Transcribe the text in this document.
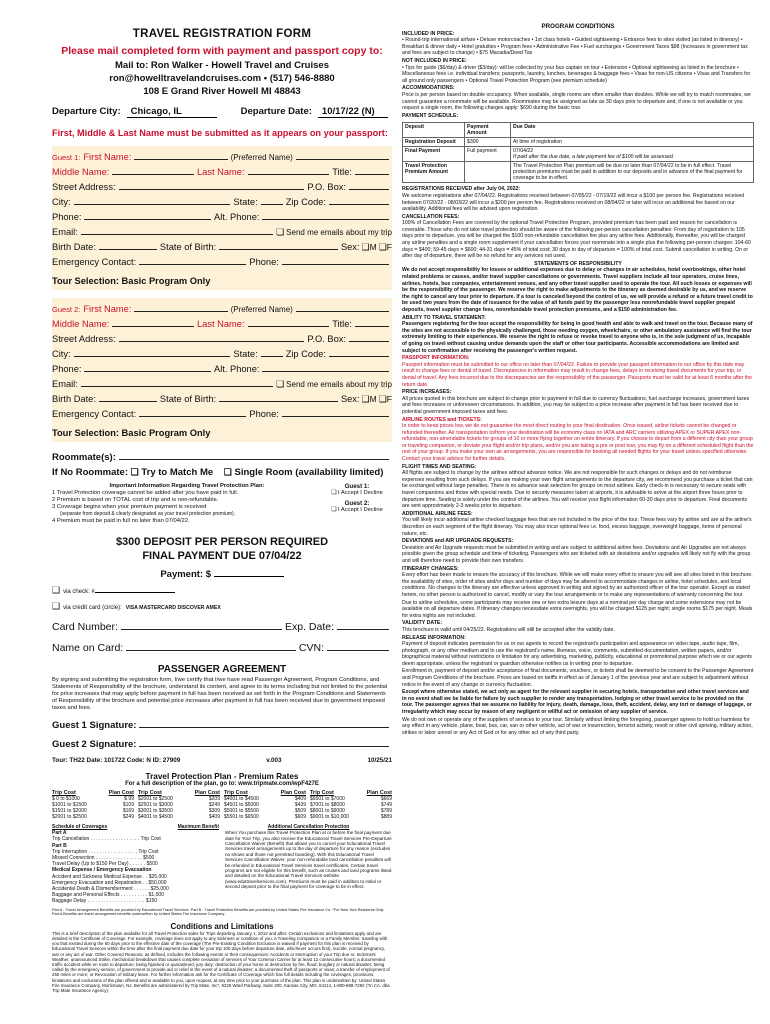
TRAVEL REGISTRATION FORM
Please mail completed form with payment and passport copy to:
Mail to: Ron Walker - Howell Travel and Cruises
ron@howelltravelandcruises.com • (517) 546-8880
108 E Grand River Howell MI 48843
Departure City:	Chicago, IL	Departure Date:	10/17/22 (N)
First, Middle & Last Name must be submitted as it appears on your passport:
Guest 1: First Name:	(Preferred Name)
Middle Name:	Last Name:	Title:
Street Address:	P.O. Box:
City:	State:	Zip Code:
Phone:	Alt. Phone:
Email:	❑ Send me emails about my trip
Birth Date:	State of Birth:	Sex: ❑ M ❑ F
Emergency Contact:	Phone:
Tour Selection: Basic Program Only
Guest 2: First Name:	(Preferred Name)
Middle Name:	Last Name:	Title:
Street Address:	P.O. Box:
City:	State:	Zip Code:
Phone:	Alt. Phone:
Email:	❑ Send me emails about my trip
Birth Date:	State of Birth:	Sex: ❑ M ❑ F
Emergency Contact:	Phone:
Tour Selection: Basic Program Only
Roommate(s):
If No Roommate: ❑ Try to Match Me ❑ Single Room (availability limited)
Important Information Regarding Travel Protection Plan:
1 Travel Protection coverage cannot be added after you have paid in full.
2 Premium is based on TOTAL cost of trip and is non-refundable.
3 Coverage begins when your premium payment is received
(separate from deposit & clearly designated as your travel protection premium).
4 Premium must be paid in full no later than 07/04/22.
Guest 1:
❑ I Accept I Decline
Guest 2:
❑ I Accept I Decline
$300 DEPOSIT PER PERSON REQUIRED
FINAL PAYMENT DUE 07/04/22
Payment: $
❑ via check: #
❑ via credit card (circle): VISA MASTERCARD DISCOVER AMEX
Card Number:	Exp. Date:
Name on Card:	CVN:
PASSENGER AGREEMENT
By signing and submitting the registration form, I/we certify that I/we have read Passenger Agreement, Program Conditions, and Statements of Responsibility of the brochure, understand its content, and agree to its terms including but not limited to the potential for price increases that may apply before payment in full has been received as set forth in the Program Conditions and Statements of Responsibility of the brochure and potential price increases after payment in full has been received due to government imposed taxes and fees.
Guest 1 Signature:
Guest 2 Signature:
Tour: TH22 Date: 101722 Code: N ID: 27909	v.003	10/25/21
Travel Protection Plan - Premium Rates
For a full description of the plan, go to: www.tripmate.com/wpF427E
Trip Cost	Plan Cost Trip Cost	Plan Cost Trip Cost	Plan Cost Trip Cost	Plan Cost
$ 0 to $1000	$ 99 $2001 to $2500	$209 $4001 to $4500	$409 $6501 to $7000	$669
$1001 to $1500	$109 $2501 to $3000	$249 $4501 to $5000	$439 $7001 to $8000	$749
$1501 to $2000	$169 $3001 to $3500	$309 $5001 to $5500	$509 $8001 to $9000	$789
$2001 to $2500	$249 $4001 to $4500	$409 $5501 to $6500	$609 $9001 to $10,000	$889
Schedule of Coverages	Maximum Benefit
Part A
Trip Cancellation . . . . . . . . . . . . . . . . . . Trip Cost
Part B
Trip Interruption . . . . . . . . . . . . . . . . . . Trip Cost
Missed Connection . . . . . . . . . . . . . . . . . $500
Travel Delay (Up to $150 Per Day) . . . . . . $500
Medical Expense / Emergency Evacuation
Accident and Sickness Medical Expense . . $25,000
Emergency Evacuation and Repatriation . . $50,000
Accidental Death & Dismemberment . . . . . . $25,000
Baggage and Personal Effects . . . . . . . . . . $1,000
Baggage Delay . . . . . . . . . . . . . . . . . . . . . $150
Additional Cancellation Protection
When You purchase this Travel Protection Plan at or before the final payment due date for Your Trip, you also receive the Educational Travel Services Pre-Departure Cancellation Waiver (Benefit) that allows you to cancel your Educational Travel Services travel arrangements up to the day of departure for any reason (excludes no shows and those not permitted boarding). With this Educational Travel Services Cancellation Waiver, your non-refundable land cancellation penalties will be refunded in Educational Travel Services travel certificates. Certain travel programs are not eligible for this benefit, such as cruises and land programs listed and detailed on the Educational Travel Services website (www.eduttravelservices.com). Premiums must be paid in addition to initial or second deposit prior to the final payment for coverage to be in effect.
Part A - Travel Arrangement Benefits are provided by Educational Travel Services. Part B - Travel Protection Benefits are provided by United States Fire Insurance Co. *For New York Residents Only: Part A Benefits are travel arrangement benefits underwritten by United States Fire Insurance Company.
Conditions and Limitations
This is a brief description of the plan available for all Travel Protection sales for Trips departing January 1, 2013 and after. Certain exclusions and limitations apply and are detailed in the Certificate of Coverage. For example, coverage does not apply to any Sickness or condition of you, a Traveling Companion or a Family Member, traveling with you that existed during the 60 days prior to the effective date of the coverage (The Pre-Existing Condition Exclusion is waived if payment for this plan is received by Educational Travel Services within the time after the final payment due date for your trip 100 days before departure date, whichever occurs first), suicide, normal pregnancy, war or any act of war. Other Covered Reasons, as defined, includes the following events or their consequences: Accidents or Interruption of your Trip due to: Inclement Weather, unannounced Strike, mechanical breakdown that causes complete cessation of services of Your Common Carrier for at least 12 consecutive hours; a documented traffic accident while en route to departure; being hijacked or quarantined; jury duty; destruction of your home or destruction by fire, flood, burglary or natural disaster; being called by the emergency service, of government to provide aid or relief in the event of a natural disaster; a documented theft of passports or visas; a transfer of employment of 250 miles or more; or Revocation of military leave. For further information ask for the Certificate of Coverage which has full details including the coverages, provisions, limitations and exclusions of the plan offered and is available to you, upon request, at any time prior to your purchase of the plan. This plan is underwritten by: United States Fire Insurance Company, Morristown, NJ. Benefits are administered by Trip Mate, Inc*, 9225 Ward Parkway, Suite 200, Kansas City, MO, 64114, 1-800-888-7292 (*In CA, dba Trip Mate Insurance Agency).
PROGRAM CONDITIONS

INCLUDED IN PRICE:
• Round-trip international airfare • Deluxe motorcoaches • 1st class hotels • Guided sightseeing • Entrance fees to sites visited (as listed in itinerary) • Breakfast & dinner daily • Hotel gratuities • Program fees • Administrative Fee • Fuel surcharges • Government Taxes $98 (Increases in government tax and fees are subject to change) • $75 Macadia/Deed Tax

NOT INCLUDED IN PRICE:
• Tips for guide ($6/day) & driver ($3/day): will be collected by your bus captain on tour • Extension • Optional sightseeing as listed in the brochure • Miscellaneous fees i.e. individual transfers; passports, laundry, lunches, beverages & baggage fees • Visas for non-US citizens • Visas and Transfers for all ground only passengers • Optional Travel Protection Program (see premium schedule)

ACCOMMODATIONS:
Price is per person based on double occupancy. When available, single rooms are often smaller than doubles. While we will try to match roommates, we cannot guarantee a roommate will be available. Roommates may be assigned as late as 30 days prior to departure and, if one is not available or you request a single room, the following charges apply: $690 during the basic tour.

PAYMENT SCHEDULE:

Deposit	Payment Amount	Due Date
Registration Deposit	$300	At time of registration
Final Payment	Full payment	07/04/22
If paid after the due date, a late payment fee of $100 will be assessed.
Travel Protection Premium Amount		The Travel Protection Plan premium will be due no later than 07/04/22 to be in full effect. Travel protection premiums must be paid in addition to our deposits and in advance of the final payment for coverage to be in effect.

REGISTRATIONS RECEIVED after July 04, 2022:
We welcome registrations after 07/04/22. Registrations received between 07/05/22 - 07/19/22 will incur a $100 per person fee. Registrations received between 07/20/22 - 08/03/22 will incur a $200 per person fee. Registrations received on 08/04/22 or later will incur an additional fee based on our availability. Additional fees will be advised upon registration.

CANCELLATION FEES:
100% of Cancellation Fees are covered by the optional Travel Protection Program, provided premium has been paid and reason for cancellation is coverable. Those who do not take travel protection should be aware of the following per-person cancellation penalties: From day of registration to 105 days prior to departure, you will be charged the $100 non-refundable cancellation fee plus any airline fees. Additionally, thereafter, you will be charged any airline penalties and a single room supplement if your cancellation forces your roommate into a single plus the following per-person charges: 104-60 days = $400; 59-45 days = $600; 44-31 days = 45% of total cost; 30 days to day of departure = 100% of total cost. Submit cancellation in writing. On or after day of departure, there will be no refund for any services not used.

STATEMENTS OF RESPONSIBILITY
We do not accept responsibility for losses or additional expenses due to delay or changes in air schedules, hotel overbookings, other hotel related problems or causes, and/or travel supplier cancellations or governments. Travel suppliers include all tour operators, cruise lines, airlines, hotels, bus companies, entertainment venues, and any other travel supplier used to operate the tour. All such losses or expenses will be the responsibility of the passenger. We reserve the right to make adjustments to the itinerary as deemed desirable by us, and we reserve the right to cancel any tour prior to departure. If a tour is canceled beyond the control of us, we will provide a refund or a future travel credit to be used two years from the date of issuance for the value of all funds paid by the passenger less nonrefundable travel supplier prepaid deposits, travel supplier change fees, nonrefundable travel protection premiums, and a $150 administration fee.

ABILITY TO TRAVEL STATEMENT:
Passengers registering for the tour accept the responsibility for being in good health and able to walk and travel on the tour. Because many of the sites are not accessible to the physically challenged, those needing oxygen, wheelchairs, or other ambulatory assistance will find the tour extremely limiting to their experiences. We reserve the right to refuse or revoke travel to anyone who is, in the sole judgment of us, incapable of going on travel without causing undue demands upon the staff or other tour participants. Accessible accommodations are limited and subject to confirmation after receiving the passenger's written request.

PASSPORT INFORMATION:
Passport information must be submitted to our office no later than 07/04/22. Failure to provide your passport information to our office by this date may result in change fees or denial of travel. Discrepancies in information may result in change fees, delays in receiving travel documents for your trip, or denial of travel. Any fees incurred due to the discrepancies are the responsibility of the passenger. Passports must be valid for at least 6 months after the return date.

PRICE INCREASES:
All prices quoted in this brochure are subject to change prior to payment in full due to currency fluctuations, fuel surcharge increases, government taxes and fees increases or unforeseen circumstances. In addition, you may be subject to a price increase after payment in full has been received due to potential government imposed taxes and fees.

AIRLINE ROUTES and TICKETS:
In order to keep prices low, we do not guarantee the most direct routing to your final destination. Once issued, airline tickets cannot be changed or refunded thereafter. Air transportation to/from your destination will be economy class on IATA and ARC carriers utilizing APEX or SUPER APEX non-refundable, non-amendable tickets for groups of 10 or more flying together on entire itinerary. If you choose to depart from a different city than your group or traveling companion, or deviate your flight and/or trip plans, and/or you are taking a pre or post tour, you may fly on a different scheduled flight than the rest of your group. If you make your own air arrangements, you are responsible for booking all needed flights for your travel unless specified otherwise. Contact your travel advisor for further details.

FLIGHT TIMES AND SEATING:
All flights are subject to change by the airlines without advance notice. We are not responsible for such changes or delays and do not reimburse expenses resulting from such delays. If you are making your own flight arrangements to the departure city, we recommend you purchase a ticket that can be exchanged without large penalties. There is no advance seat selection for groups on most airlines. Early check-in is necessary to secure seats with travel companions and those with special needs. Due to security measures taken at airports, it is advisable to arrive at the airport three hours prior to departure time. Seating is solely under the control of the airlines. You will receive your flight information 60-30 days prior to departure. Final documents are sent approximately 2-3 weeks prior to departure.

ADDITIONAL AIRLINE FEES:
You will likely incur additional airline checked baggage fees that are not included in the price of the tour. These fees vary by airline and are at the airline's discretion on each segment of the flight itinerary. You may also incur optional fees i.e. food, excess baggage, overweight baggage, items of personal nature, etc.

DEVIATIONS and AIR UPGRADE REQUESTS:
Deviation and Air Upgrade requests must be submitted in writing and are subject to additional airline fees. Deviations and Air Upgrades are not always possible given the group schedule and time of ticketing. Passengers who are ticketed with air deviations and/or upgrades will likely not fly with the group and will therefore need to provide their own transfers.

ITINERARY CHANGES:
Every effort has been made to ensure the accuracy of this brochure. While we will make every effort to ensure you will see all sites listed in this brochure, the availability of sites, order of sites and/or days and number of days may be altered to accommodate changes in airline, hotel schedules, and local conditions. No changes to the itinerary are effective unless approved in writing and signed by an authorized officer of the tour operator. Except as stated herein, no other person is authorized to cancel, modify or vary the tour arrangements or to make any representations of warranty concerning the tour.

Due to airline schedules, some participants may receive one or two extra leisure days at a nominal per day charge and some extensions may not be available on all departure dates. If itinerary changes necessitate extra overnights, you will be charged $125 per night; single rooms $175 per night. Meals for extra nights are not included.

VALIDITY DATE:
This brochure is valid until 04/25/22. Registrations will still be accepted after the validity date.

RELEASE INFORMATION:
Payment of deposit indicates permission for us or our agents to record the registrant's participation and appearance on video tape, audio tape, film, photograph, or any other medium and to use the registrant's name, likeness, voice, comments, submitted documentation, written papers, and/or biographical material without restrictions or limitation for any advertising, marketing, publicity, educational or promotional purpose which we or our agents deem appropriate, unless the registrant or guardian otherwise notifies us in writing prior to departure.

Enrollment in, payment of deposit and/or acceptance of final documents, vouchers, or tickets shall be deemed to be consent to the Passenger Agreement and Program Conditions of the brochure. Prices are based on tariffs in effect as of January 1 of the previous year and are subject to adjustment without notice in the event of any change or currency fluctuation.

Except where otherwise stated, we act only as agent for the relevant supplier in securing hotels, transportation and other travel services and in no event shall we be liable for failure by such supplier to render any transportation, lodging or other travel service to be provided on the tour. The passenger agrees that we assume no liability for injury, death, damage, loss, theft, accident, delay, any tort or damage of luggage, or irregularity which may occur by reason of any negligent or willful act or omission of any supplier of service.

We do not own or operate any of the suppliers of services to your tour. Similarly without limiting the foregoing, passenger agrees to hold us harmless for any effect in any vehicle, plane, boat, bus, car, van or other vehicle, act of war or insurrection, terrorist activity, revolt or other civil uprising, military action, strikes or labor unrest or any Act of God or for any other act of any third party.
